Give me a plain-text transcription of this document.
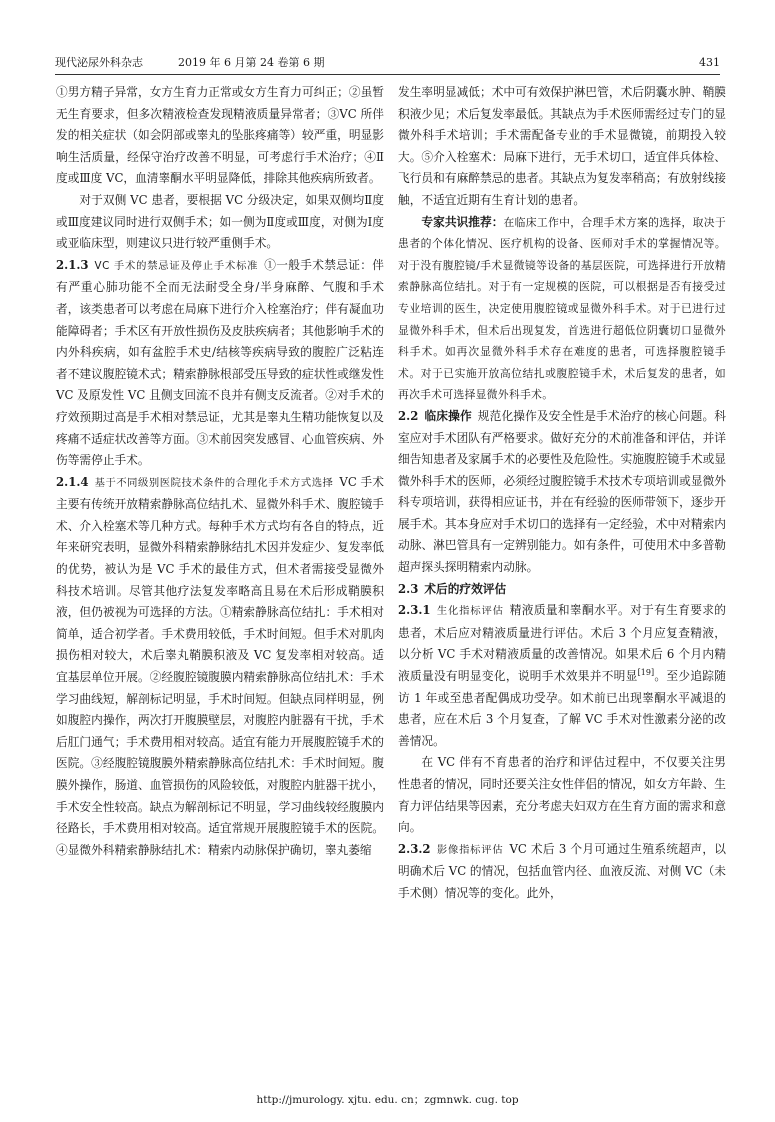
现代泌尿外科杂志	2019 年 6 月第 24 卷第 6 期	431

①男方精子异常，女方生育力正常或女方生育力可纠正；②虽暂无生育要求，但多次精液检查发现精液质量异常者；③VC 所伴发的相关症状（如会阴部或睾丸的坠胀疼痛等）较严重，明显影响生活质量，经保守治疗改善不明显，可考虑行手术治疗；④Ⅱ度或Ⅲ度 VC，血清睾酮水平明显降低，排除其他疾病所致者。

对于双侧 VC 患者，要根据 VC 分级决定，如果双侧均Ⅱ度或Ⅲ度建议同时进行双侧手术；如一侧为Ⅱ度或Ⅲ度，对侧为Ⅰ度或亚临床型，则建议只进行较严重侧手术。

2.1.3 VC 手术的禁忌证及停止手术标准 ①一般手术禁忌证：伴有严重心肺功能不全而无法耐受全身/半身麻醉、气腹和手术者，该类患者可以考虑在局麻下进行介入栓塞治疗；伴有凝血功能障碍者；手术区有开放性损伤及皮肤疾病者；其他影响手术的内外科疾病，如有盆腔手术史/结核等疾病导致的腹腔广泛粘连者不建议腹腔镜术式；精索静脉根部受压导致的症状性或继发性 VC 及原发性 VC 且侧支回流不良并有侧支反流者。②对手术的疗效预期过高是手术相对禁忌证，尤其是睾丸生精功能恢复以及疼痛不适症状改善等方面。③术前因突发感冒、心血管疾病、外伤等需停止手术。

2.1.4 基于不同级别医院技术条件的合理化手术方式选择 VC 手术主要有传统开放精索静脉高位结扎术、显微外科手术、腹腔镜手术、介入栓塞术等几种方式。每种手术方式均有各自的特点，近年来研究表明，显微外科精索静脉结扎术因并发症少、复发率低的优势，被认为是 VC 手术的最佳方式，但术者需接受显微外科技术培训。尽管其他疗法复发率略高且易在术后形成鞘膜积液，但仍被视为可选择的方法。①精索静脉高位结扎：手术相对简单，适合初学者。手术费用较低，手术时间短。但手术对肌肉损伤相对较大，术后睾丸鞘膜积液及 VC 复发率相对较高。适宜基层单位开展。②经腹腔镜腹膜内精索静脉高位结扎术：手术学习曲线短，解剖标记明显，手术时间短。但缺点同样明显，例如腹腔内操作，两次打开腹膜壁层，对腹腔内脏器有干扰，手术后肛门通气；手术费用相对较高。适宜有能力开展腹腔镜手术的医院。③经腹腔镜腹膜外精索静脉高位结扎术：手术时间短。腹膜外操作，肠道、血管损伤的风险较低，对腹腔内脏器干扰小，手术安全性较高。缺点为解剖标记不明显，学习曲线较经腹膜内径路长，手术费用相对较高。适宜常规开展腹腔镜手术的医院。④显微外科精索静脉结扎术：精索内动脉保护确切，睾丸萎缩

发生率明显减低；术中可有效保护淋巴管，术后阴囊水肿、鞘膜积液少见；术后复发率最低。其缺点为手术医师需经过专门的显微外科手术培训；手术需配备专业的手术显微镜，前期投入较大。⑤介入栓塞术：局麻下进行，无手术切口，适宜伴兵体检、飞行员和有麻醉禁忌的患者。其缺点为复发率稍高；有放射线接触，不适宜近期有生育计划的患者。

专家共识推荐：在临床工作中，合理手术方案的选择，取决于患者的个体化情况、医疗机构的设备、医师对手术的掌握情况等。对于没有腹腔镜/手术显微镜等设备的基层医院，可选择进行开放精索静脉高位结扎。对于有一定规模的医院，可以根据是否有接受过专业培训的医生，决定使用腹腔镜或显微外科手术。对于已进行过显微外科手术，但术后出现复发，首选进行超低位阴囊切口显微外科手术。如再次显微外科手术存在难度的患者，可选择腹腔镜手术。对于已实施开放高位结扎或腹腔镜手术，术后复发的患者，如再次手术可选择显微外科手术。

2.2 临床操作 规范化操作及安全性是手术治疗的核心问题。科室应对手术团队有严格要求。做好充分的术前准备和评估，并详细告知患者及家属手术的必要性及危险性。实施腹腔镜手术或显微外科手术的医师，必须经过腹腔镜手术技术专项培训或显微外科专项培训，获得相应证书，并在有经验的医师带领下，逐步开展手术。其本身应对手术切口的选择有一定经验，术中对精索内动脉、淋巴管具有一定辨别能力。如有条件，可使用术中多普勒超声探头探明精索内动脉。

2.3 术后的疗效评估

2.3.1 生化指标评估 精液质量和睾酮水平。对于有生育要求的患者，术后应对精液质量进行评估。术后 3 个月应复查精液，以分析 VC 手术对精液质量的改善情况。如果术后 6 个月内精液质量没有明显变化，说明手术效果并不明显[19]。至少追踪随访 1 年或至患者配偶成功受孕。如术前已出现睾酮水平减退的患者，应在术后 3 个月复查，了解 VC 手术对性激素分泌的改善情况。

在 VC 伴有不育患者的治疗和评估过程中，不仅要关注男性患者的情况，同时还要关注女性伴侣的情况，如女方年龄、生育力评估结果等因素，充分考虑夫妇双方在生育方面的需求和意向。

2.3.2 影像指标评估 VC 术后 3 个月可通过生殖系统超声，以明确术后 VC 的情况，包括血管内径、血液反流、对侧 VC（未手术侧）情况等的变化。此外，

http://jmurology. xjtu. edu. cn；zgmnwk. cug. top
